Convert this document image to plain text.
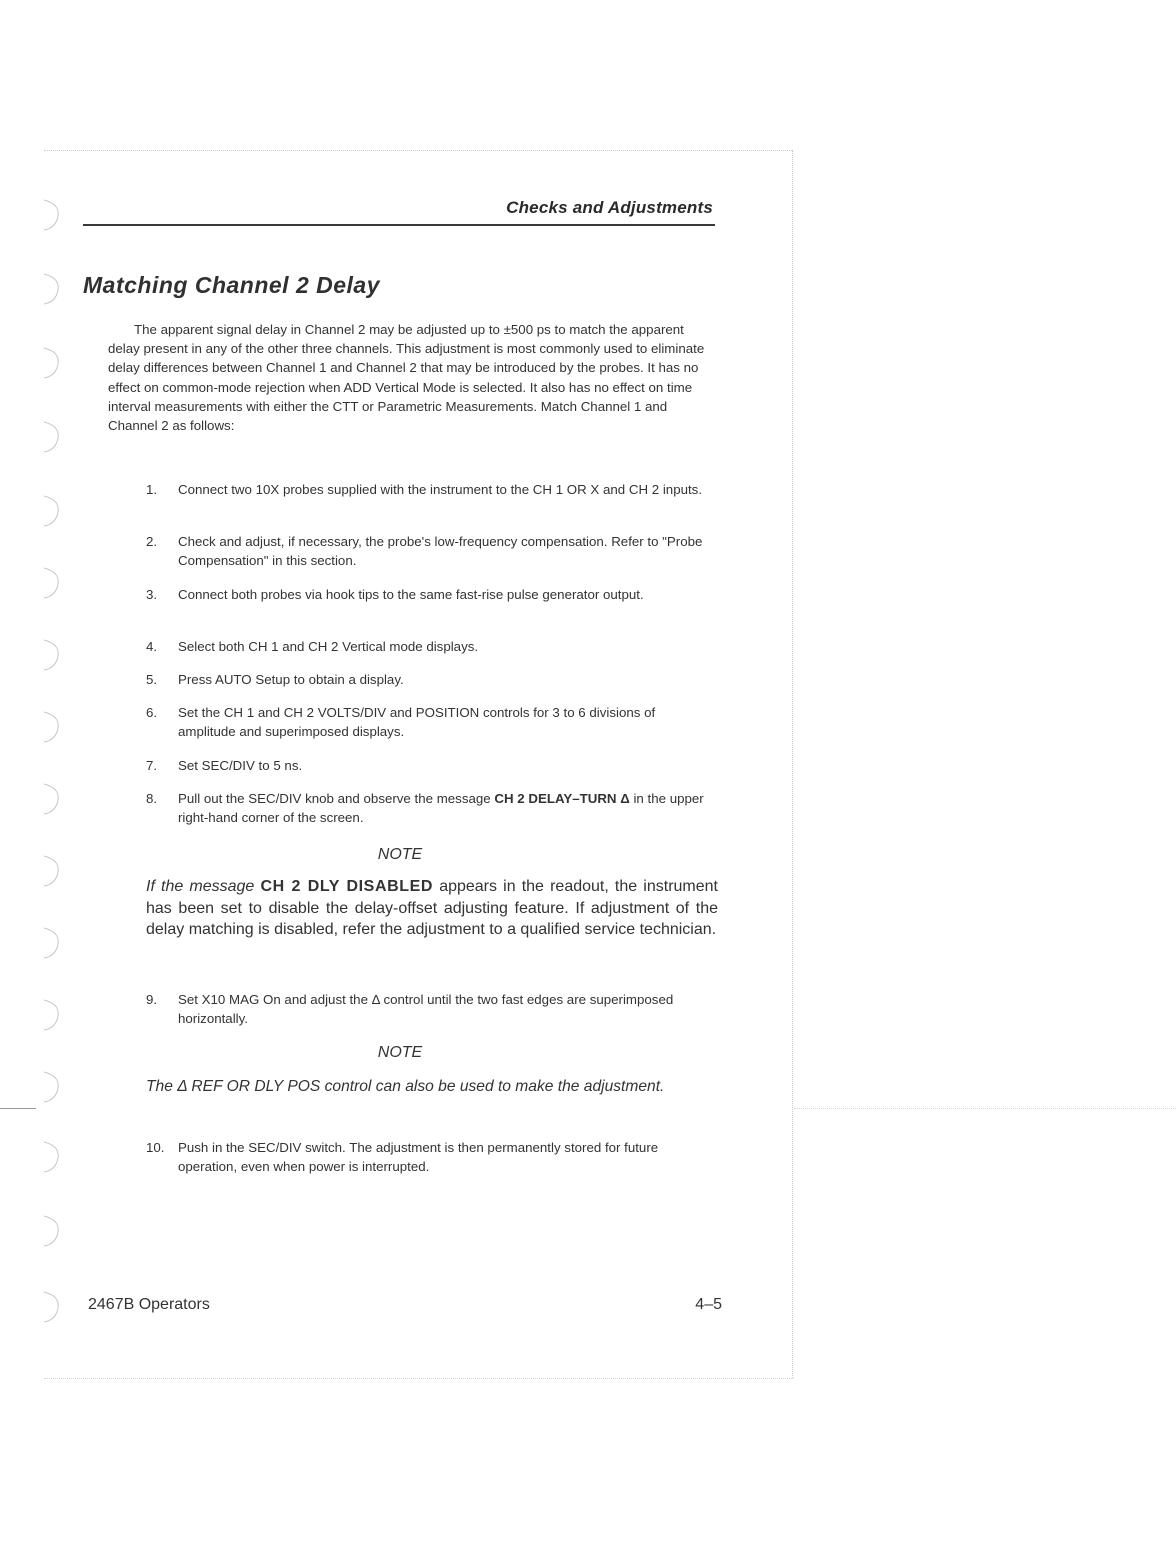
Checks and Adjustments
Matching Channel 2 Delay
The apparent signal delay in Channel 2 may be adjusted up to ±500 ps to match the apparent delay present in any of the other three channels. This adjustment is most commonly used to eliminate delay differences between Channel 1 and Channel 2 that may be introduced by the probes. It has no effect on common-mode rejection when ADD Vertical Mode is selected. It also has no effect on time interval measurements with either the CTT or Parametric Measurements. Match Channel 1 and Channel 2 as follows:
1.	Connect two 10X probes supplied with the instrument to the CH 1 OR X and CH 2 inputs.
2.	Check and adjust, if necessary, the probe's low-frequency compensation. Refer to "Probe Compensation" in this section.
3.	Connect both probes via hook tips to the same fast-rise pulse generator output.
4.	Select both CH 1 and CH 2 Vertical mode displays.
5.	Press AUTO Setup to obtain a display.
6.	Set the CH 1 and CH 2 VOLTS/DIV and POSITION controls for 3 to 6 divisions of amplitude and superimposed displays.
7.	Set SEC/DIV to 5 ns.
8.	Pull out the SEC/DIV knob and observe the message CH 2 DELAY–TURN Δ in the upper right-hand corner of the screen.
NOTE
If the message CH 2 DLY DISABLED appears in the readout, the instrument has been set to disable the delay-offset adjusting feature. If adjustment of the delay matching is disabled, refer the adjustment to a qualified service technician.
9.	Set X10 MAG On and adjust the Δ control until the two fast edges are superimposed horizontally.
NOTE
The Δ REF OR DLY POS control can also be used to make the adjustment.
10.	Push in the SEC/DIV switch. The adjustment is then permanently stored for future operation, even when power is interrupted.
2467B Operators	4–5
